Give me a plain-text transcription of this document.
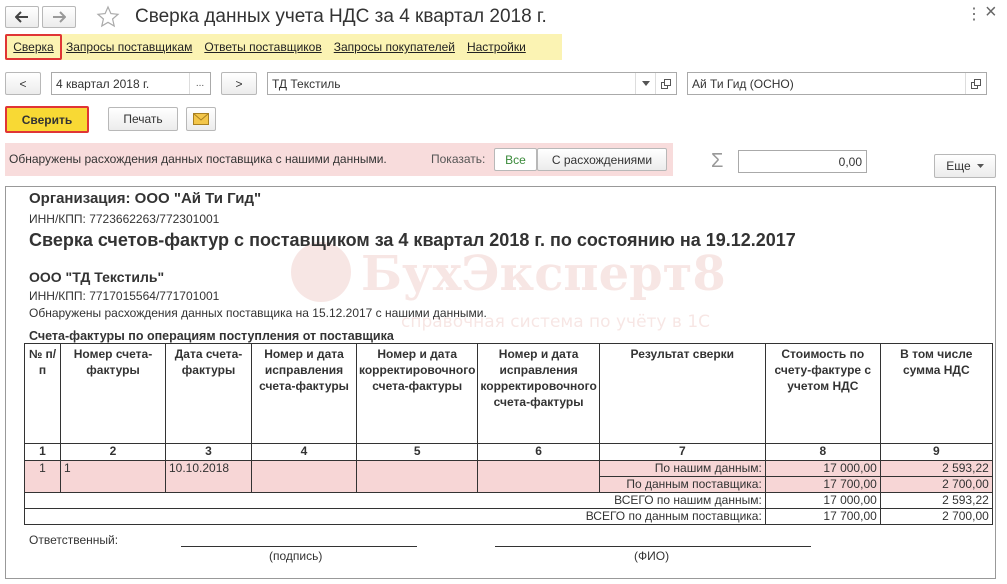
Сверка данных учета НДС за 4 квартал 2018 г.	⋮ ×
Сверка Запросы поставщикам Ответы поставщиков Запросы покупателей Настройки
<	4 квартал 2018 г.	...	>	ТД Текстиль	Ай Ти Гид (ОСНО)
Сверить	Печать
Обнаружены расхождения данных поставщика с нашими данными.	Показать: Все	С расхождениями	Σ	0,00	Еще
БухЭксперт8
справочная система по учёту в 1С
Организация: ООО "Ай Ти Гид"
ИНН/КПП: 7723662263/772301001
Сверка счетов-фактур с поставщиком за 4 квартал 2018 г. по состоянию на 19.12.2017
ООО "ТД Текстиль"
ИНН/КПП: 7717015564/771701001
Обнаружены расхождения данных поставщика на 15.12.2017 с нашими данными.
Счета-фактуры по операциям поступления от поставщика
№ п/п	Номер счета-фактуры	Дата счета-фактуры	Номер и дата исправления счета-фактуры	Номер и дата корректировочного счета-фактуры	Номер и дата исправления корректировочного счета-фактуры	Результат сверки	Стоимость по счету-фактуре с учетом НДС	В том числе сумма НДС
1	2	3	4	5	6	7	8	9
1	1	10.10.2018				По нашим данным:	17 000,00	2 593,22
						По данным поставщика:	17 700,00	2 700,00
ВСЕГО по нашим данным:							17 000,00	2 593,22
ВСЕГО по данным поставщика:							17 700,00	2 700,00
Ответственный:
(подпись)	(ФИО)
